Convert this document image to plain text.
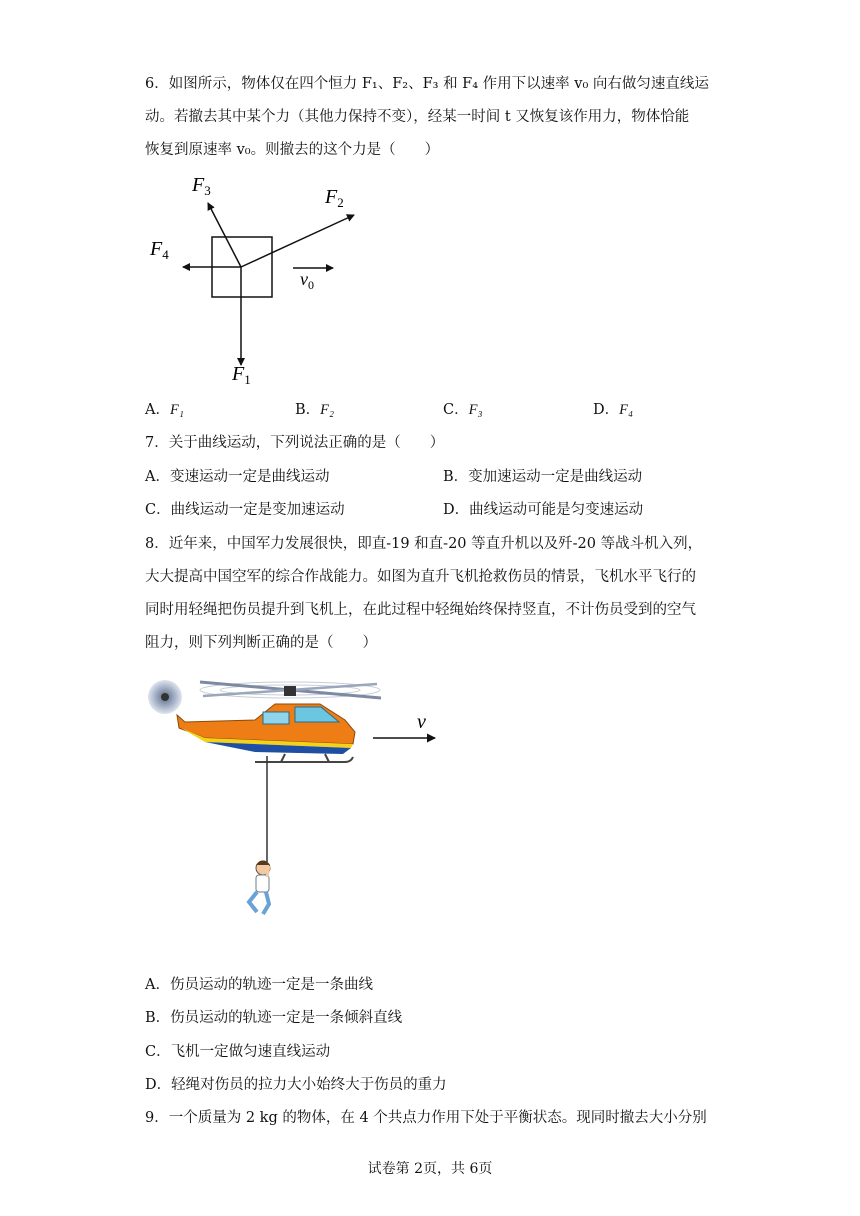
6．如图所示，物体仅在四个恒力 F₁、F₂、F₃ 和 F₄ 作用下以速率 v₀ 向右做匀速直线运
动。若撤去其中某个力（其他力保持不变），经某一时间 t 又恢复该作用力，物体恰能
恢复到原速率 v₀。则撤去的这个力是（　　）
$F_1$
$F_2$
$F_3$
$F_4$
$v_0$
A．F₁	B．F₂	C．F₃	D．F₄
7．关于曲线运动，下列说法正确的是（　　）
A．变速运动一定是曲线运动	B．变加速运动一定是曲线运动
C．曲线运动一定是变加速运动	D．曲线运动可能是匀变速运动
8．近年来，中国军力发展很快，即直-19 和直-20 等直升机以及歼-20 等战斗机入列，
大大提高中国空军的综合作战能力。如图为直升飞机抢救伤员的情景，飞机水平飞行的
同时用轻绳把伤员提升到飞机上，在此过程中轻绳始终保持竖直，不计伤员受到的空气
阻力，则下列判断正确的是（　　）
v
A．伤员运动的轨迹一定是一条曲线
B．伤员运动的轨迹一定是一条倾斜直线
C．飞机一定做匀速直线运动
D．轻绳对伤员的拉力大小始终大于伤员的重力
9．一个质量为 2 kg 的物体，在 4 个共点力作用下处于平衡状态。现同时撤去大小分别
试卷第 2页，共 6页
